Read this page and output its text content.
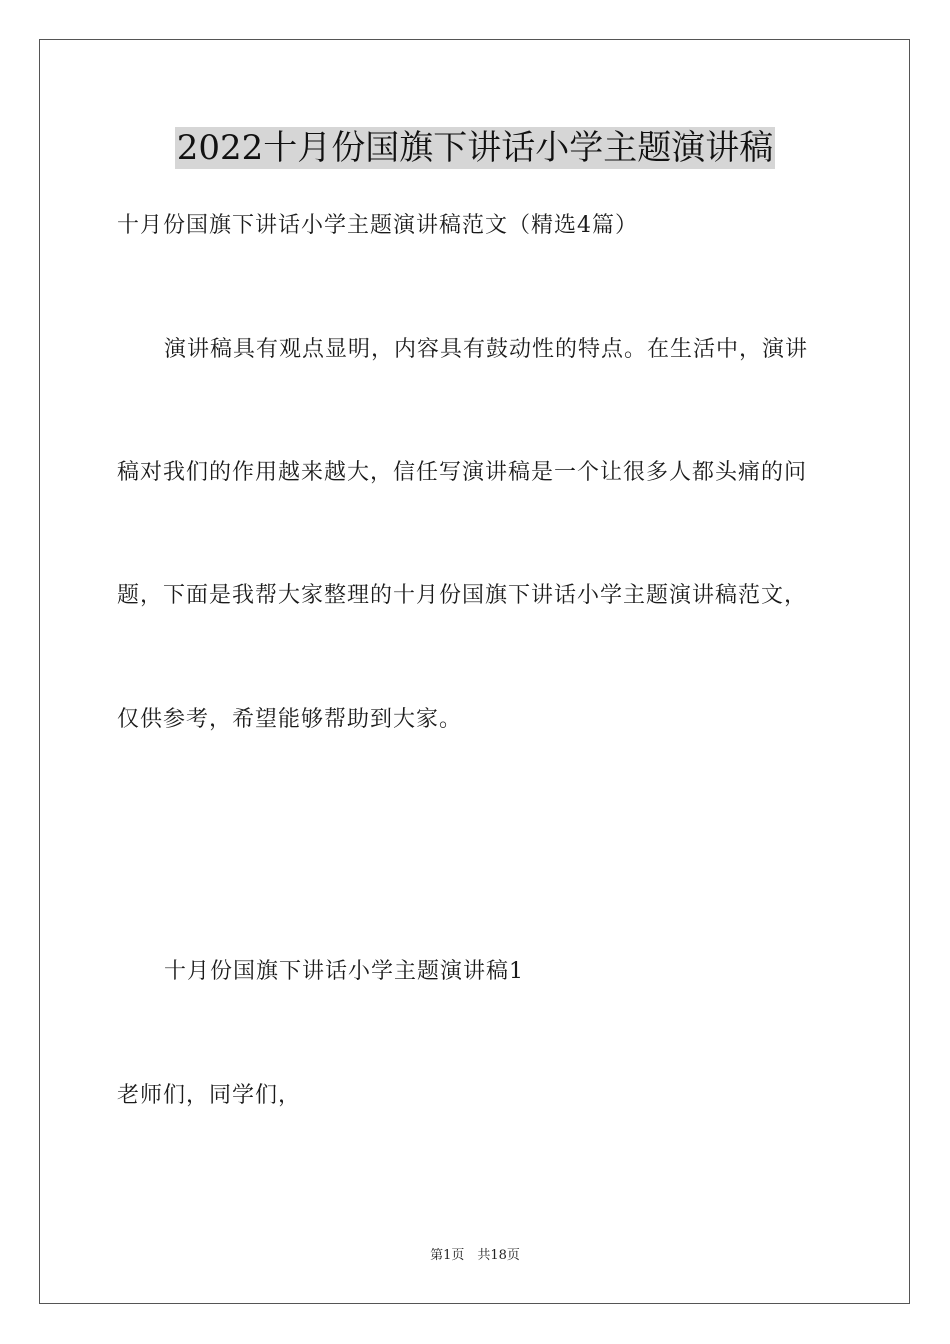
2022十月份国旗下讲话小学主题演讲稿
十月份国旗下讲话小学主题演讲稿范文（精选4篇）
演讲稿具有观点显明，内容具有鼓动性的特点。在生活中，演讲
稿对我们的作用越来越大，信任写演讲稿是一个让很多人都头痛的问
题，下面是我帮大家整理的十月份国旗下讲话小学主题演讲稿范文，
仅供参考，希望能够帮助到大家。
十月份国旗下讲话小学主题演讲稿1
老师们，同学们，
第1页　共18页
